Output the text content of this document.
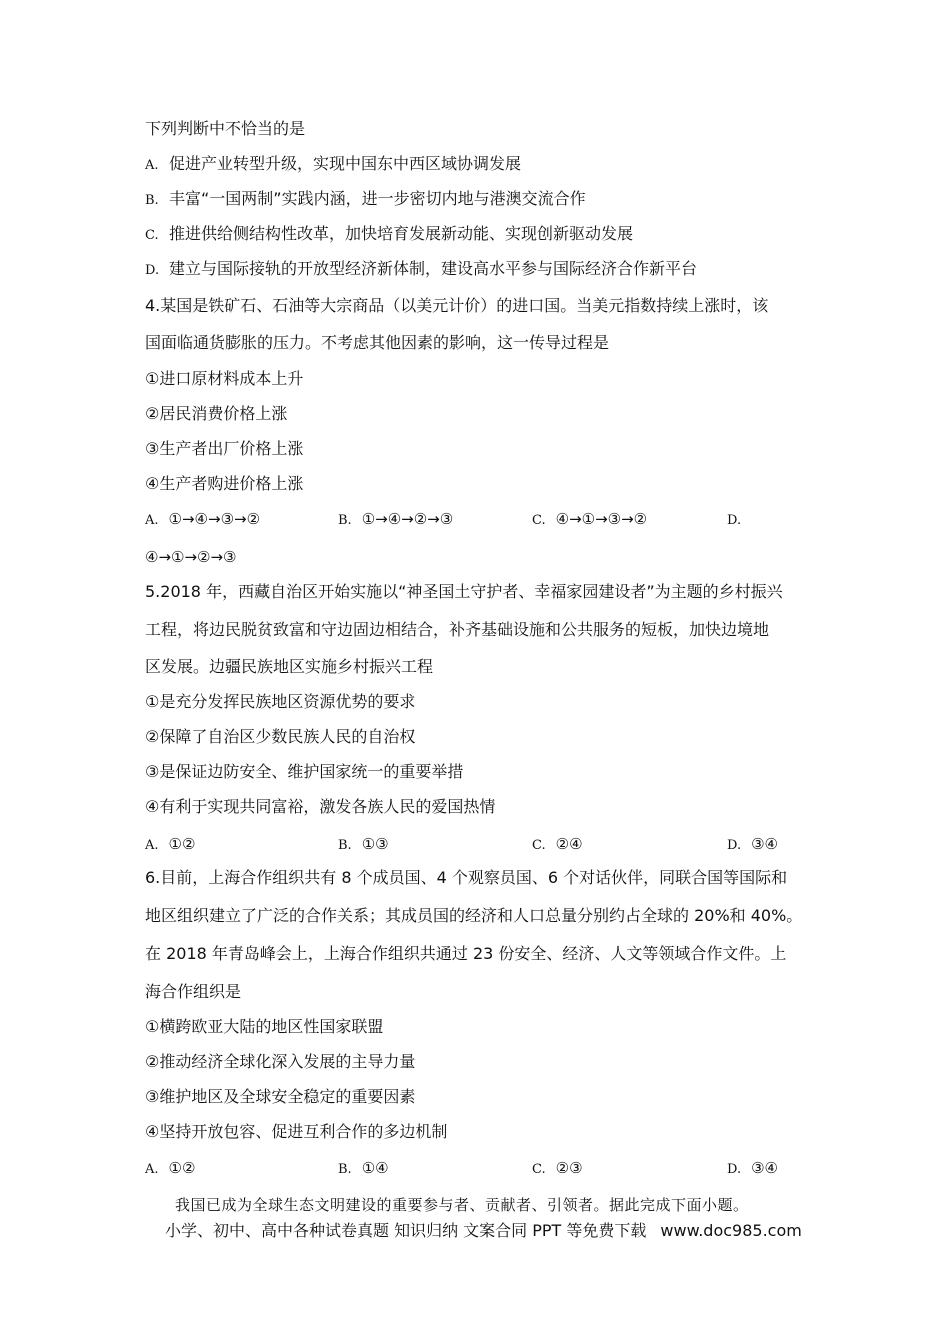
下列判断中不恰当的是
A. 促进产业转型升级，实现中国东中西区域协调发展
B. 丰富“一国两制”实践内涵，进一步密切内地与港澳交流合作
C. 推进供给侧结构性改革，加快培育发展新动能、实现创新驱动发展
D. 建立与国际接轨的开放型经济新体制，建设高水平参与国际经济合作新平台
4.某国是铁矿石、石油等大宗商品（以美元计价）的进口国。当美元指数持续上涨时，该
国面临通货膨胀的压力。不考虑其他因素的影响，这一传导过程是
①进口原材料成本上升
②居民消费价格上涨
③生产者出厂价格上涨
④生产者购进价格上涨
A. ①→④→③→②	B. ①→④→②→③	C. ④→①→③→②	D.
④→①→②→③
5.2018 年，西藏自治区开始实施以“神圣国土守护者、幸福家园建设者”为主题的乡村振兴
工程，将边民脱贫致富和守边固边相结合，补齐基础设施和公共服务的短板，加快边境地
区发展。边疆民族地区实施乡村振兴工程
①是充分发挥民族地区资源优势的要求
②保障了自治区少数民族人民的自治权
③是保证边防安全、维护国家统一的重要举措
④有利于实现共同富裕，激发各族人民的爱国热情
A. ①②	B. ①③	C. ②④	D. ③④
6.目前，上海合作组织共有 8 个成员国、4 个观察员国、6 个对话伙伴，同联合国等国际和
地区组织建立了广泛的合作关系；其成员国的经济和人口总量分别约占全球的 20%和 40%。
在 2018 年青岛峰会上，上海合作组织共通过 23 份安全、经济、人文等领域合作文件。上
海合作组织是
①横跨欧亚大陆的地区性国家联盟
②推动经济全球化深入发展的主导力量
③维护地区及全球安全稳定的重要因素
④坚持开放包容、促进互利合作的多边机制
A. ①②	B. ①④	C. ②③	D. ③④
我国已成为全球生态文明建设的重要参与者、贡献者、引领者。据此完成下面小题。
小学、初中、高中各种试卷真题 知识归纳 文案合同 PPT 等免费下载 www.doc985.com
